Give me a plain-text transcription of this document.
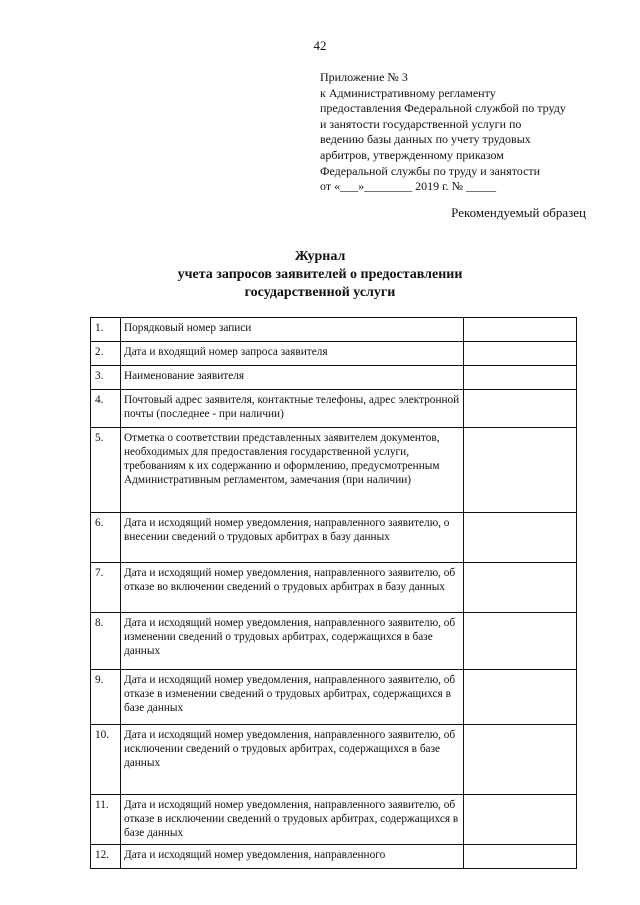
42
Приложение № 3
к Административному регламенту
предоставления Федеральной службой по труду
и занятости государственной услуги по
ведению базы данных по учету трудовых
арбитров, утвержденному приказом
Федеральной службы по труду и занятости
от «___»________ 2019 г. № _____
Рекомендуемый образец
Журнал
учета запросов заявителей о предоставлении
государственной услуги
1.	Порядковый номер записи	
2.	Дата и входящий номер запроса заявителя	
3.	Наименование заявителя	
4.	Почтовый адрес заявителя, контактные телефоны, адрес электронной почты (последнее - при наличии)	
5.	Отметка о соответствии представленных заявителем документов, необходимых для предоставления государственной услуги, требованиям к их содержанию и оформлению, предусмотренным Административным регламентом, замечания (при наличии)	
6.	Дата и исходящий номер уведомления, направленного заявителю, о внесении сведений о трудовых арбитрах в базу данных	
7.	Дата и исходящий номер уведомления, направленного заявителю, об отказе во включении сведений о трудовых арбитрах в базу данных	
8.	Дата и исходящий номер уведомления, направленного заявителю, об изменении сведений о трудовых арбитрах, содержащихся в базе данных	
9.	Дата и исходящий номер уведомления, направленного заявителю, об отказе в изменении сведений о трудовых арбитрах, содержащихся в базе данных	
10.	Дата и исходящий номер уведомления, направленного заявителю, об исключении сведений о трудовых арбитрах, содержащихся в базе данных	
11.	Дата и исходящий номер уведомления, направленного заявителю, об отказе в исключении сведений о трудовых арбитрах, содержащихся в базе данных	
12.	Дата и исходящий номер уведомления, направленного	
